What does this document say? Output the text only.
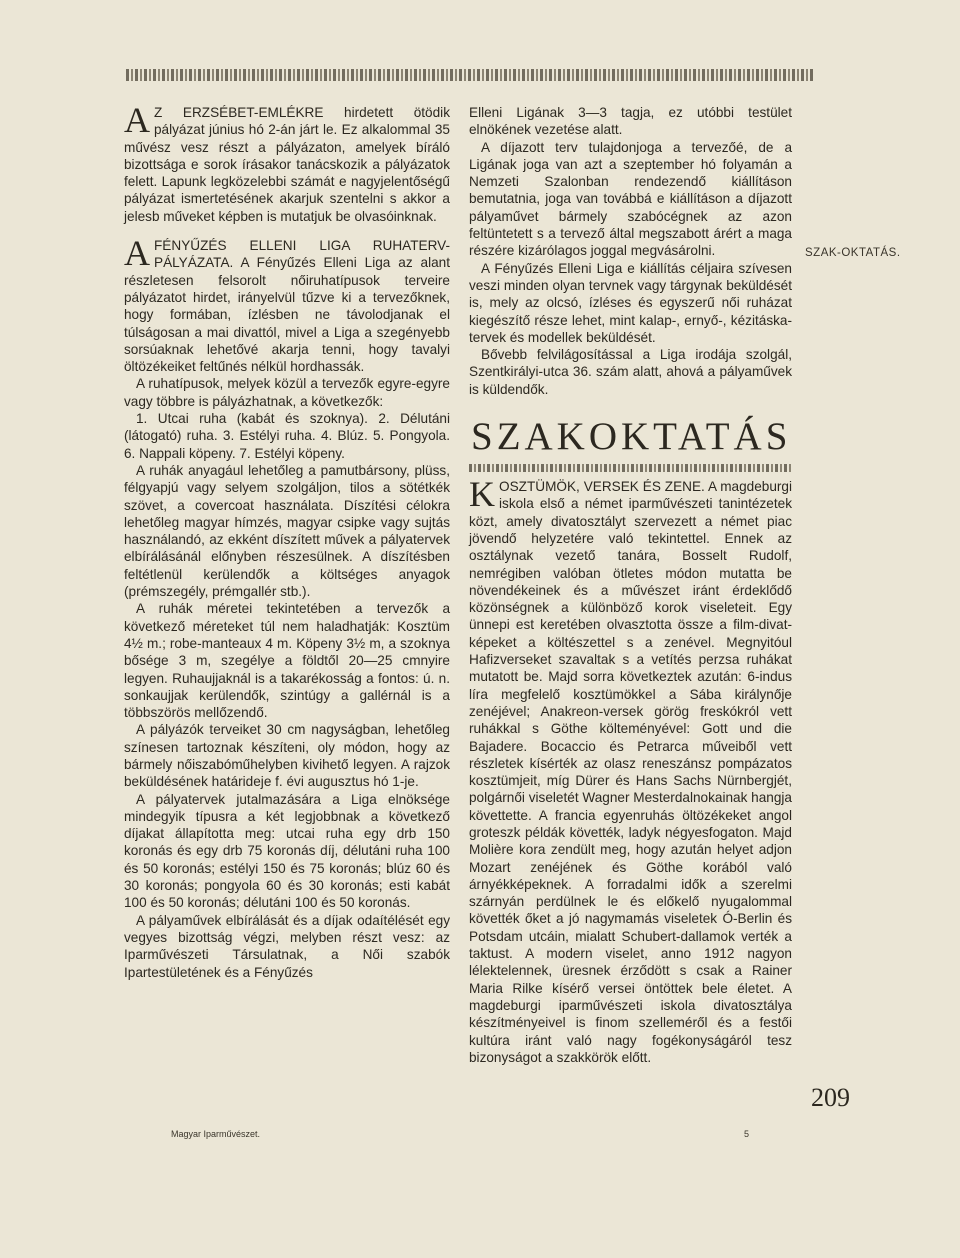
A Z ERZSÉBET-EMLÉKRE hirdetett ötödik pályázat június hó 2-án járt le. Ez alkalommal 35 művész vesz részt a pályázaton, amelyek bíráló bizottsága e sorok írásakor tanácskozik a pályázatok felett. Lapunk legközelebbi számát e nagyjelentőségű pályázat ismertetésének akarjuk szentelni s akkor a jelesb műveket képben is mutatjuk be olvasóinknak.

AFÉNYŰZÉS ELLENI LIGA RUHATERV-PÁLYÁZATA. A Fényűzés Elleni Liga az alant részletesen felsorolt nőiruhatípusok terveire pályázatot hirdet, irányelvül tűzve ki a tervezőknek, hogy formában, ízlésben ne távolodjanak el túlságosan a mai divattól, mivel a Liga a szegényebb sorsúaknak lehetővé akarja tenni, hogy tavalyi öltözékeiket feltűnés nélkül hordhassák.

A ruhatípusok, melyek közül a tervezők egyre-egyre vagy többre is pályázhatnak, a következők:

1. Utcai ruha (kabát és szoknya). 2. Délutáni (látogató) ruha. 3. Estélyi ruha. 4. Blúz. 5. Pongyola. 6. Nappali köpeny. 7. Estélyi köpeny.

A ruhák anyagául lehetőleg a pamutbársony, plüss, félgyapjú vagy selyem szolgáljon, tilos a sötétkék szövet, a covercoat használata. Díszítési célokra lehetőleg magyar hímzés, magyar csipke vagy sujtás használandó, az ekként díszített művek a pályatervek elbírálásánál előnyben részesülnek. A díszítésben feltétlenül kerülendők a költséges anyagok (prémszegély, prémgallér stb.).

A ruhák méretei tekintetében a tervezők a következő méreteket túl nem haladhatják: Kosztüm 4½ m.; robe-manteaux 4 m. Köpeny 3½ m, a szoknya bősége 3 m, szegélye a földtől 20—25 cmnyire legyen. Ruhaujjaknál is a takarékosság a fontos: ú. n. sonkaujjak kerülendők, szintúgy a gallérnál is a többszörös mellőzendő.

A pályázók terveiket 30 cm nagyságban, lehetőleg színesen tartoznak készíteni, oly módon, hogy az bármely nőiszabóműhelyben kivihető legyen. A rajzok beküldésének határideje f. évi augusztus hó 1-je.

A pályatervek jutalmazására a Liga elnöksége mindegyik típusra a két legjobbnak a következő díjakat állapította meg: utcai ruha egy drb 150 koronás és egy drb 75 koronás díj, délutáni ruha 100 és 50 koronás; estélyi 150 és 75 koronás; blúz 60 és 30 koronás; pongyola 60 és 30 koronás; esti kabát 100 és 50 koronás; délutáni 100 és 50 koronás.

A pályaművek elbírálását és a díjak odaítélését egy vegyes bizottság végzi, melyben részt vesz: az Iparművészeti Társulatnak, a Női szabók Ipartestületének és a Fényűzés

Elleni Ligának 3—3 tagja, ez utóbbi testület elnökének vezetése alatt.

A díjazott terv tulajdonjoga a tervezőé, de a Ligának joga van azt a szeptember hó folyamán a Nemzeti Szalonban rendezendő kiállításon bemutatnia, joga van továbbá e kiállításon a díjazott pályaművet bármely szabócégnek az azon feltüntetett s a tervező által megszabott árért a maga részére kizárólagos joggal megvásárolni.

A Fényűzés Elleni Liga e kiállítás céljaira szívesen veszi minden olyan tervnek vagy tárgynak beküldését is, mely az olcsó, ízléses és egyszerű női ruházat kiegészítő része lehet, mint kalap-, ernyő-, kézitáska-tervek és modellek beküldését.

Bővebb felvilágosítással a Liga irodája szolgál, Szentkirályi-utca 36. szám alatt, ahová a pályaművek is küldendők.

SZAKOKTATÁS

KOSZTÜMÖK, VERSEK ÉS ZENE. A magdeburgi iskola első a német iparművészeti tanintézetek közt, amely divatosztályt szervezett a német piac jövendő helyzetére való tekintettel. Ennek az osztálynak vezető tanára, Bosselt Rudolf, nemrégiben valóban ötletes módon mutatta be növendékeinek és a művészet iránt érdeklődő közönségnek a különböző korok viseleteit. Egy ünnepi est keretében olvasztotta össze a film-divat-képeket a költészettel s a zenével. Megnyitóul Hafizverseket szavaltak s a vetítés perzsa ruhákat mutatott be. Majd sorra következtek azután: 6-indus líra megfelelő kosztümökkel a Sába királynője zenéjével; Anakreon-versek görög freskókról vett ruhákkal s Göthe költeményével: Gott und die Bajadere. Bocaccio és Petrarca műveiből vett részletek kísérték az olasz reneszánsz pompázatos kosztümjeit, míg Dürer és Hans Sachs Nürnbergjét, polgárnői viseletét Wagner Mesterdalnokainak hangja követtette. A francia egyenruhás öltözékeket angol groteszk példák követték, ladyk négyesfogaton. Majd Molière kora zendült meg, hogy azután helyet adjon Mozart zenéjének és Göthe korából való árnyékképeknek. A forradalmi idők a szerelmi szárnyán perdülnek le és előkelő nyugalommal követték őket a jó nagymamás viseletek Ó-Berlin és Potsdam utcáin, mialatt Schubert-dallamok verték a taktust. A modern viselet, anno 1912 nagyon lélektelennek, üresnek érződött s csak a Rainer Maria Rilke kísérő versei öntöttek bele életet. A magdeburgi iparművészeti iskola divatosztálya készítményeivel is finom szelleméről és a festői kultúra iránt való nagy fogékonyságáról tesz bizonyságot a szakkörök előtt.

SZAK-OKTATÁS.
209
Magyar Iparművészet.	5
